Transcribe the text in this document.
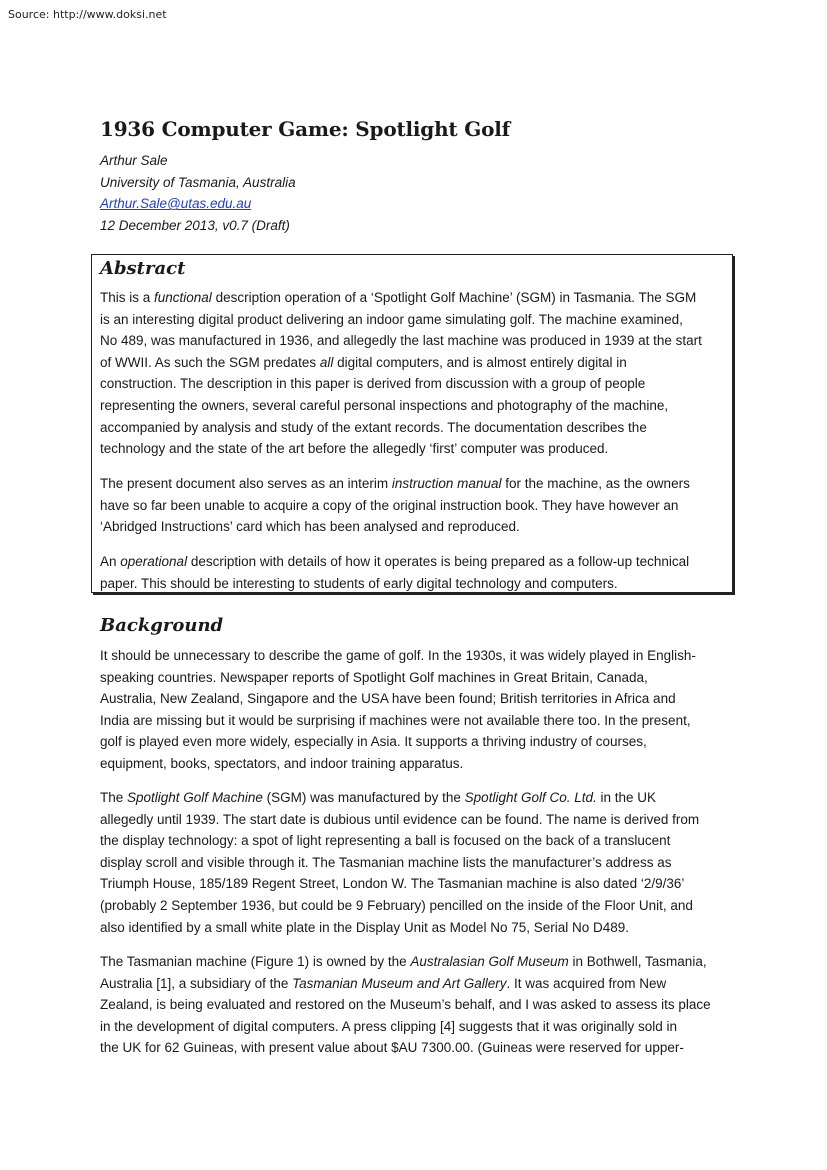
Source: http://www.doksi.net
1936 Computer Game: Spotlight Golf
Arthur Sale
University of Tasmania, Australia
Arthur.Sale@utas.edu.au
12 December 2013, v0.7 (Draft)
Abstract
This is a functional description operation of a ‘Spotlight Golf Machine’ (SGM) in Tasmania. The SGM
is an interesting digital product delivering an indoor game simulating golf. The machine examined,
No 489, was manufactured in 1936, and allegedly the last machine was produced in 1939 at the start
of WWII. As such the SGM predates all digital computers, and is almost entirely digital in
construction. The description in this paper is derived from discussion with a group of people
representing the owners, several careful personal inspections and photography of the machine,
accompanied by analysis and study of the extant records. The documentation describes the
technology and the state of the art before the allegedly ‘first’ computer was produced.
The present document also serves as an interim instruction manual for the machine, as the owners
have so far been unable to acquire a copy of the original instruction book. They have however an
‘Abridged Instructions’ card which has been analysed and reproduced.
An operational description with details of how it operates is being prepared as a follow-up technical
paper. This should be interesting to students of early digital technology and computers.
Background
It should be unnecessary to describe the game of golf. In the 1930s, it was widely played in English-
speaking countries. Newspaper reports of Spotlight Golf machines in Great Britain, Canada,
Australia, New Zealand, Singapore and the USA have been found; British territories in Africa and
India are missing but it would be surprising if machines were not available there too. In the present,
golf is played even more widely, especially in Asia. It supports a thriving industry of courses,
equipment, books, spectators, and indoor training apparatus.
The Spotlight Golf Machine (SGM) was manufactured by the Spotlight Golf Co. Ltd. in the UK
allegedly until 1939. The start date is dubious until evidence can be found. The name is derived from
the display technology: a spot of light representing a ball is focused on the back of a translucent
display scroll and visible through it. The Tasmanian machine lists the manufacturer’s address as
Triumph House, 185/189 Regent Street, London W. The Tasmanian machine is also dated ‘2/9/36’
(probably 2 September 1936, but could be 9 February) pencilled on the inside of the Floor Unit, and
also identified by a small white plate in the Display Unit as Model No 75, Serial No D489.
The Tasmanian machine (Figure 1) is owned by the Australasian Golf Museum in Bothwell, Tasmania,
Australia [1], a subsidiary of the Tasmanian Museum and Art Gallery. It was acquired from New
Zealand, is being evaluated and restored on the Museum’s behalf, and I was asked to assess its place
in the development of digital computers. A press clipping [4] suggests that it was originally sold in
the UK for 62 Guineas, with present value about $AU 7300.00. (Guineas were reserved for upper-
